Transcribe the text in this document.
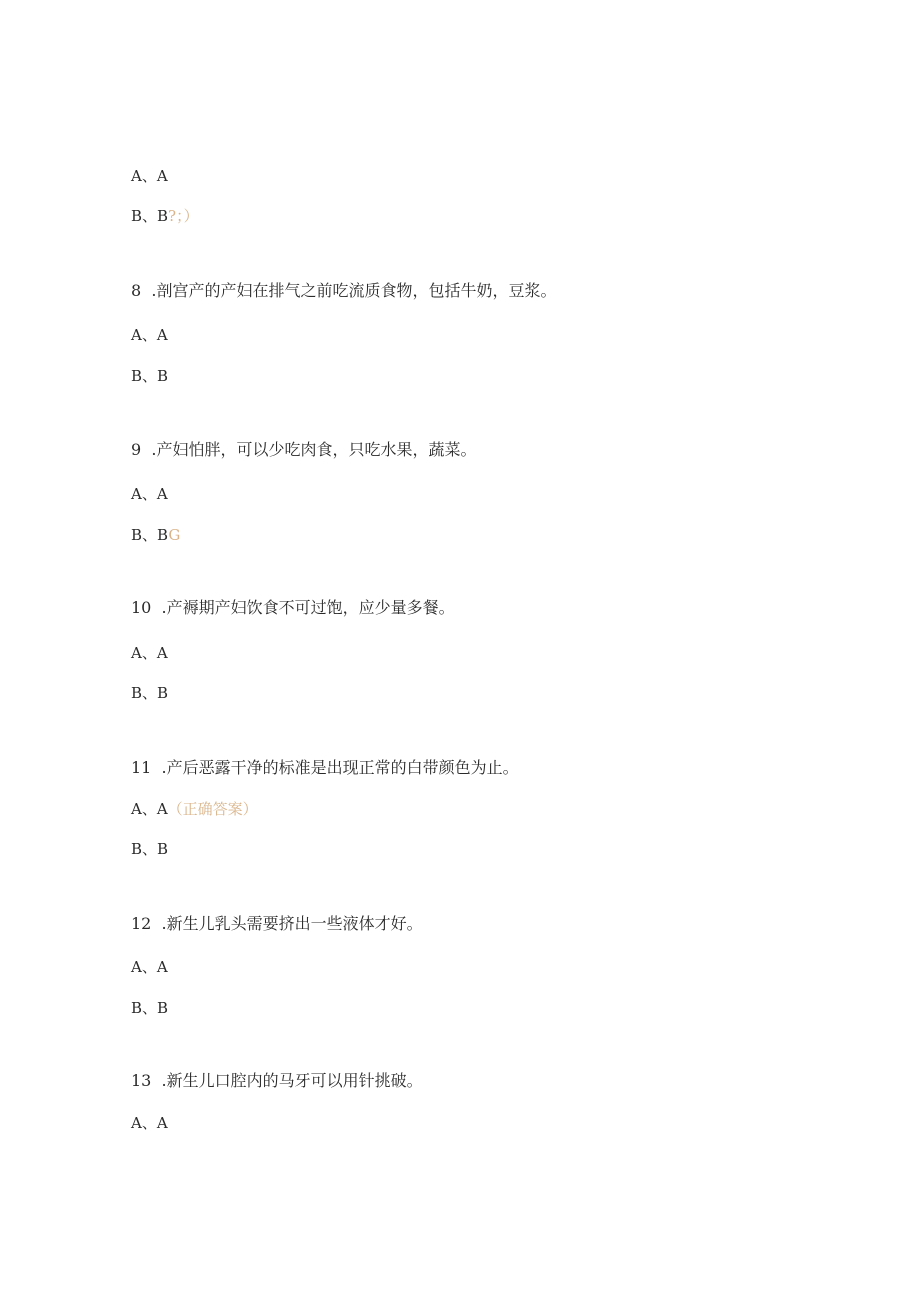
A、A
B、B?；）
8  .剖宫产的产妇在排气之前吃流质食物，包括牛奶，豆浆。
A、A
B、B
9  .产妇怕胖，可以少吃肉食，只吃水果，蔬菜。
A、A
B、BG
10  .产褥期产妇饮食不可过饱，应少量多餐。
A、A
B、B
11  .产后恶露干净的标准是出现正常的白带颜色为止。
A、A（正确答案）
B、B
12  .新生儿乳头需要挤出一些液体才好。
A、A
B、B
13  .新生儿口腔内的马牙可以用针挑破。
A、A
